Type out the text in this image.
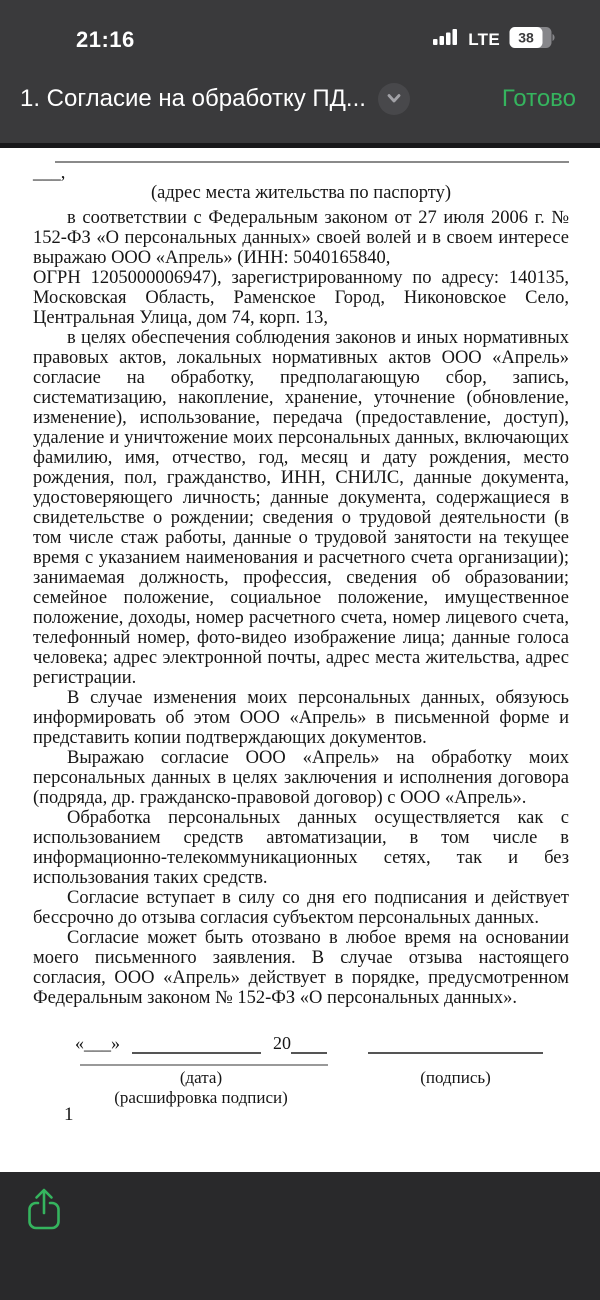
21:16	LTE 38
1. Согласие на обработку ПД...	Готово
___,
(адрес места жительства по паспорту)

в соответствии с Федеральным законом от 27 июля 2006 г. № 152-ФЗ «О персональных данных» своей волей и в своем интересе выражаю ООО «Апрель» (ИНН: 5040165840,

ОГРН 1205000006947), зарегистрированному по адресу: 140135, Московская Область, Раменское Город, Никоновское Село, Центральная Улица, дом 74, корп. 13,

в целях обеспечения соблюдения законов и иных нормативных правовых актов, локальных нормативных актов ООО «Апрель» согласие на обработку, предполагающую сбор, запись, систематизацию, накопление, хранение, уточнение (обновление, изменение), использование, передача (предоставление, доступ), удаление и уничтожение моих персональных данных, включающих фамилию, имя, отчество, год, месяц и дату рождения, место рождения, пол, гражданство, ИНН, СНИЛС, данные документа, удостоверяющего личность; данные документа, содержащиеся в свидетельстве о рождении; сведения о трудовой деятельности (в том числе стаж работы, данные о трудовой занятости на текущее время с указанием наименования и расчетного счета организации); занимаемая должность, профессия, сведения об образовании; семейное положение, социальное положение, имущественное положение, доходы, номер расчетного счета, номер лицевого счета, телефонный номер, фото-видео изображение лица; данные голоса человека; адрес электронной почты, адрес места жительства, адрес регистрации.

В случае изменения моих персональных данных, обязуюсь информировать об этом ООО «Апрель» в письменной форме и представить копии подтверждающих документов.

Выражаю согласие ООО «Апрель» на обработку моих персональных данных в целях заключения и исполнения договора (подряда, др. гражданско-правовой договор) с ООО «Апрель».

Обработка персональных данных осуществляется как с использованием средств автоматизации, в том числе в информационно-телекоммуникационных сетях, так и без использования таких средств.

Согласие вступает в силу со дня его подписания и действует бессрочно до отзыва согласия субъектом персональных данных.

Согласие может быть отозвано в любое время на основании моего письменного заявления. В случае отзыва настоящего согласия, ООО «Апрель» действует в порядке, предусмотренном Федеральным законом № 152-ФЗ «О персональных данных».

«___»	20
(дата)	(подпись)
(расшифровка подписи)
1
